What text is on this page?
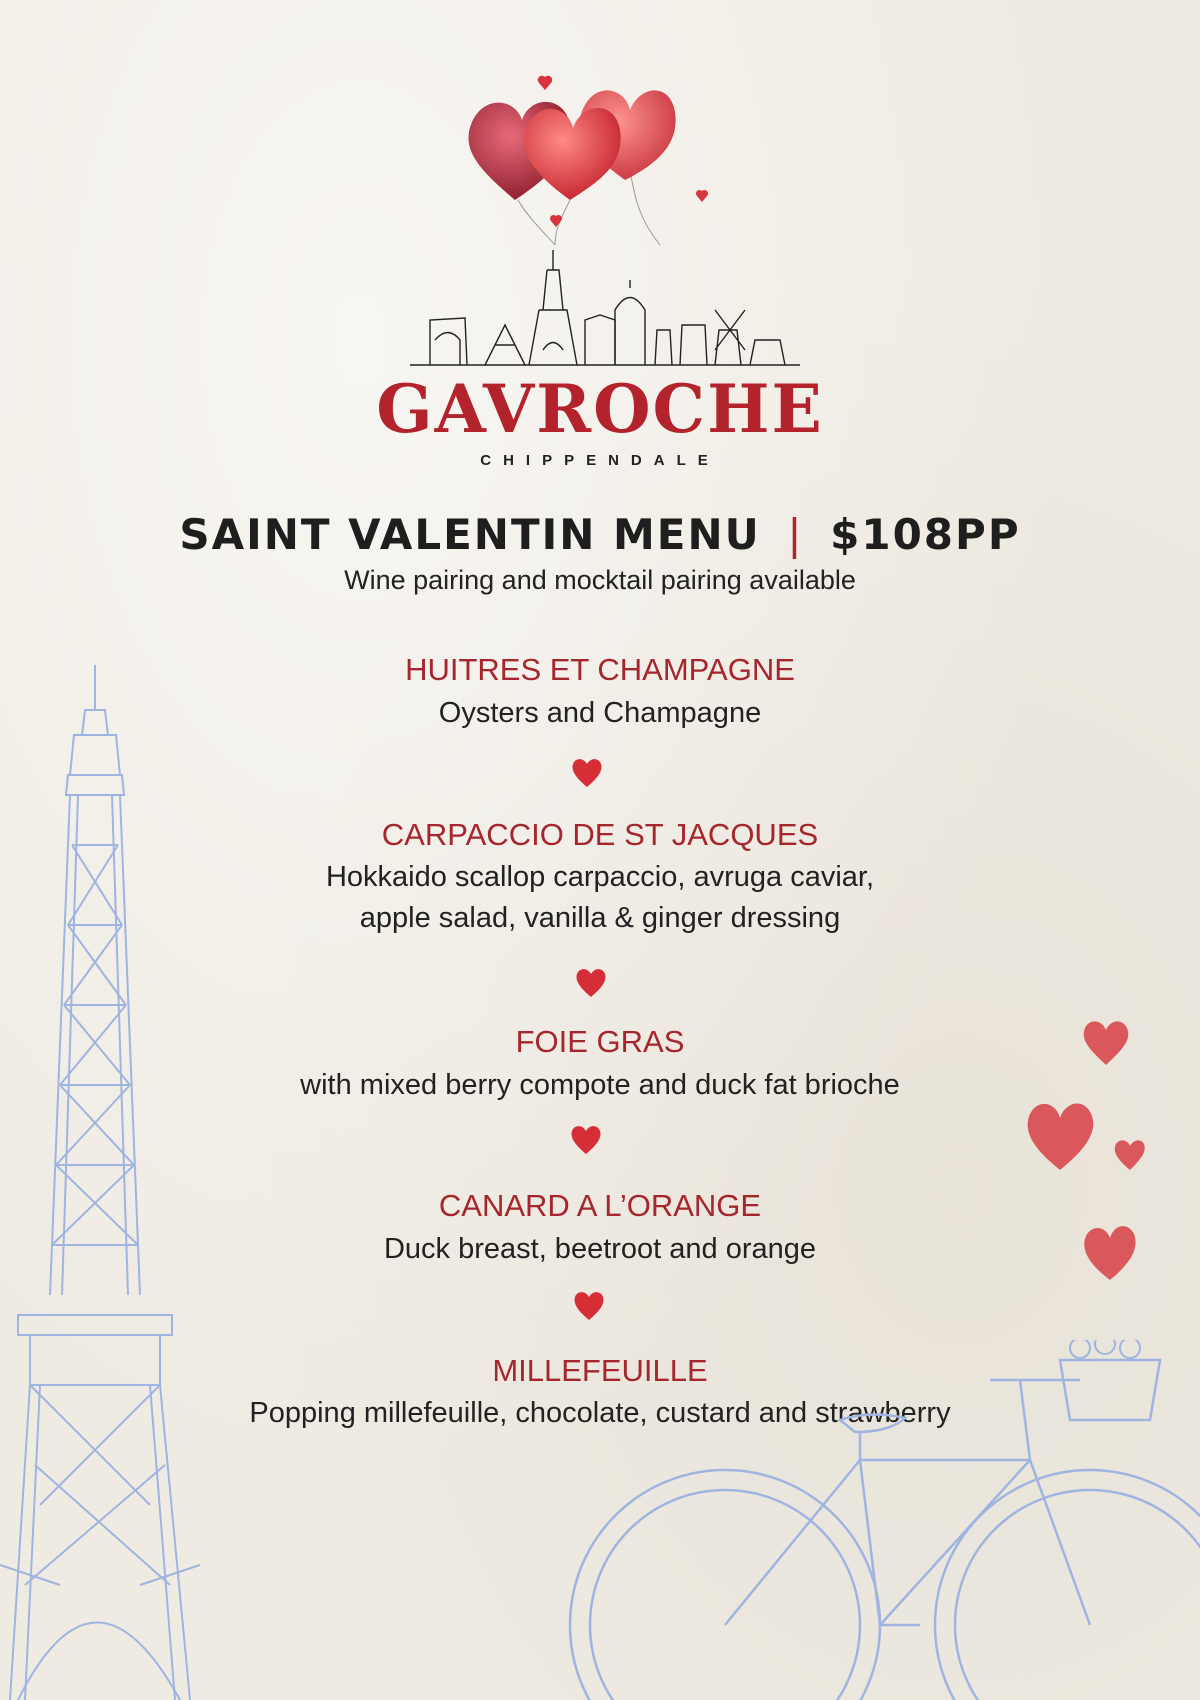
GAVROCHE
CHIPPENDALE
SAINT VALENTIN MENU | $108PP
Wine pairing and mocktail pairing available
HUITRES ET CHAMPAGNE
Oysters and Champagne
CARPACCIO DE ST JACQUES
Hokkaido scallop carpaccio, avruga caviar,
apple salad, vanilla & ginger dressing
FOIE GRAS
with mixed berry compote and duck fat brioche
CANARD A L’ORANGE
Duck breast, beetroot and orange
MILLEFEUILLE
Popping millefeuille, chocolate, custard and strawberry
